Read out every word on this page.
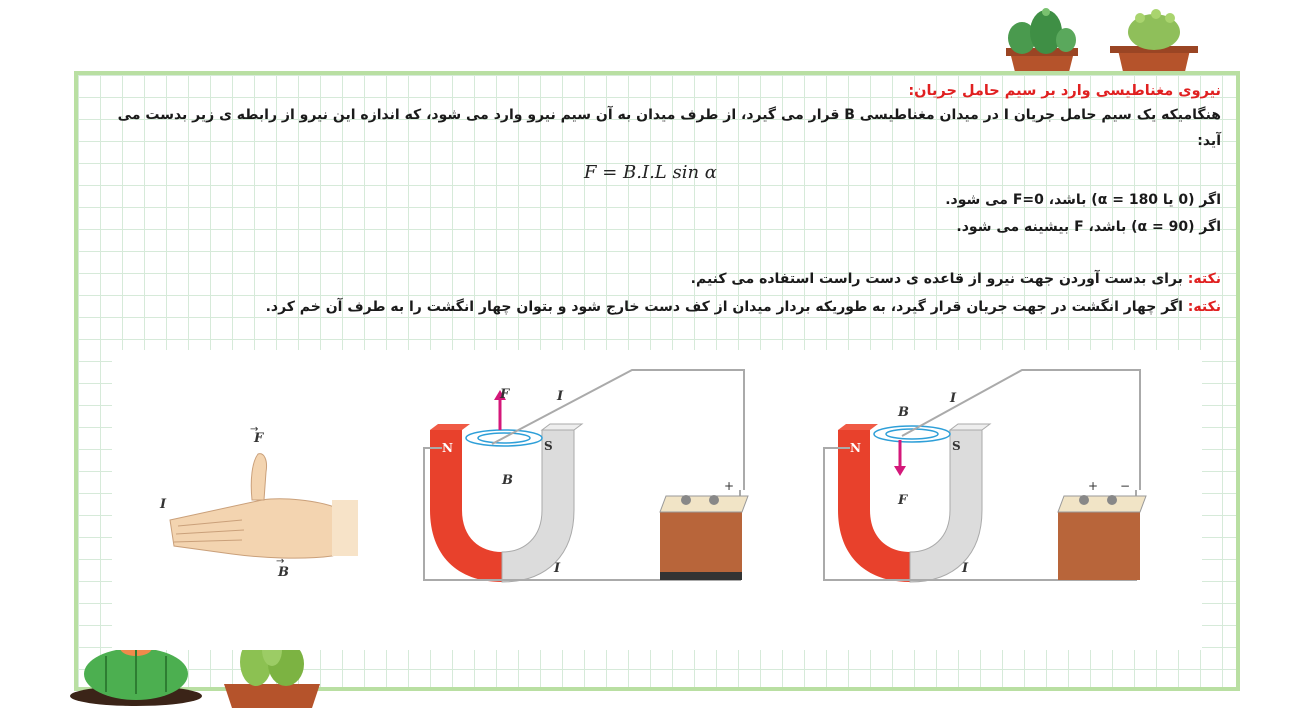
نیروی مغناطیسی وارد بر سیم حامل جریان:

هنگامیکه یک سیم حامل جریان I در میدان مغناطیسی B قرار می گیرد، از طرف میدان به آن سیم نیرو وارد می شود، که اندازه این نیرو از رابطه ی زیر بدست می آید:

F = B.I.L sin α
اگر (0 یا 180 = α) باشد، F=0 می شود.
اگر (90 = α) باشد، F بیشینه می شود.
نکته: برای بدست آوردن جهت نیرو از قاعده ی دست راست استفاده می کنیم.
نکته: اگر چهار انگشت در جهت جریان قرار گیرد، به طوریکه بردار میدان از کف دست خارج شود و بتوان چهار انگشت را به طرف آن خم کرد.
F
→
I
B
→
N	S
F
B
I
I
+
N	S
F
B
I
I
+ −
